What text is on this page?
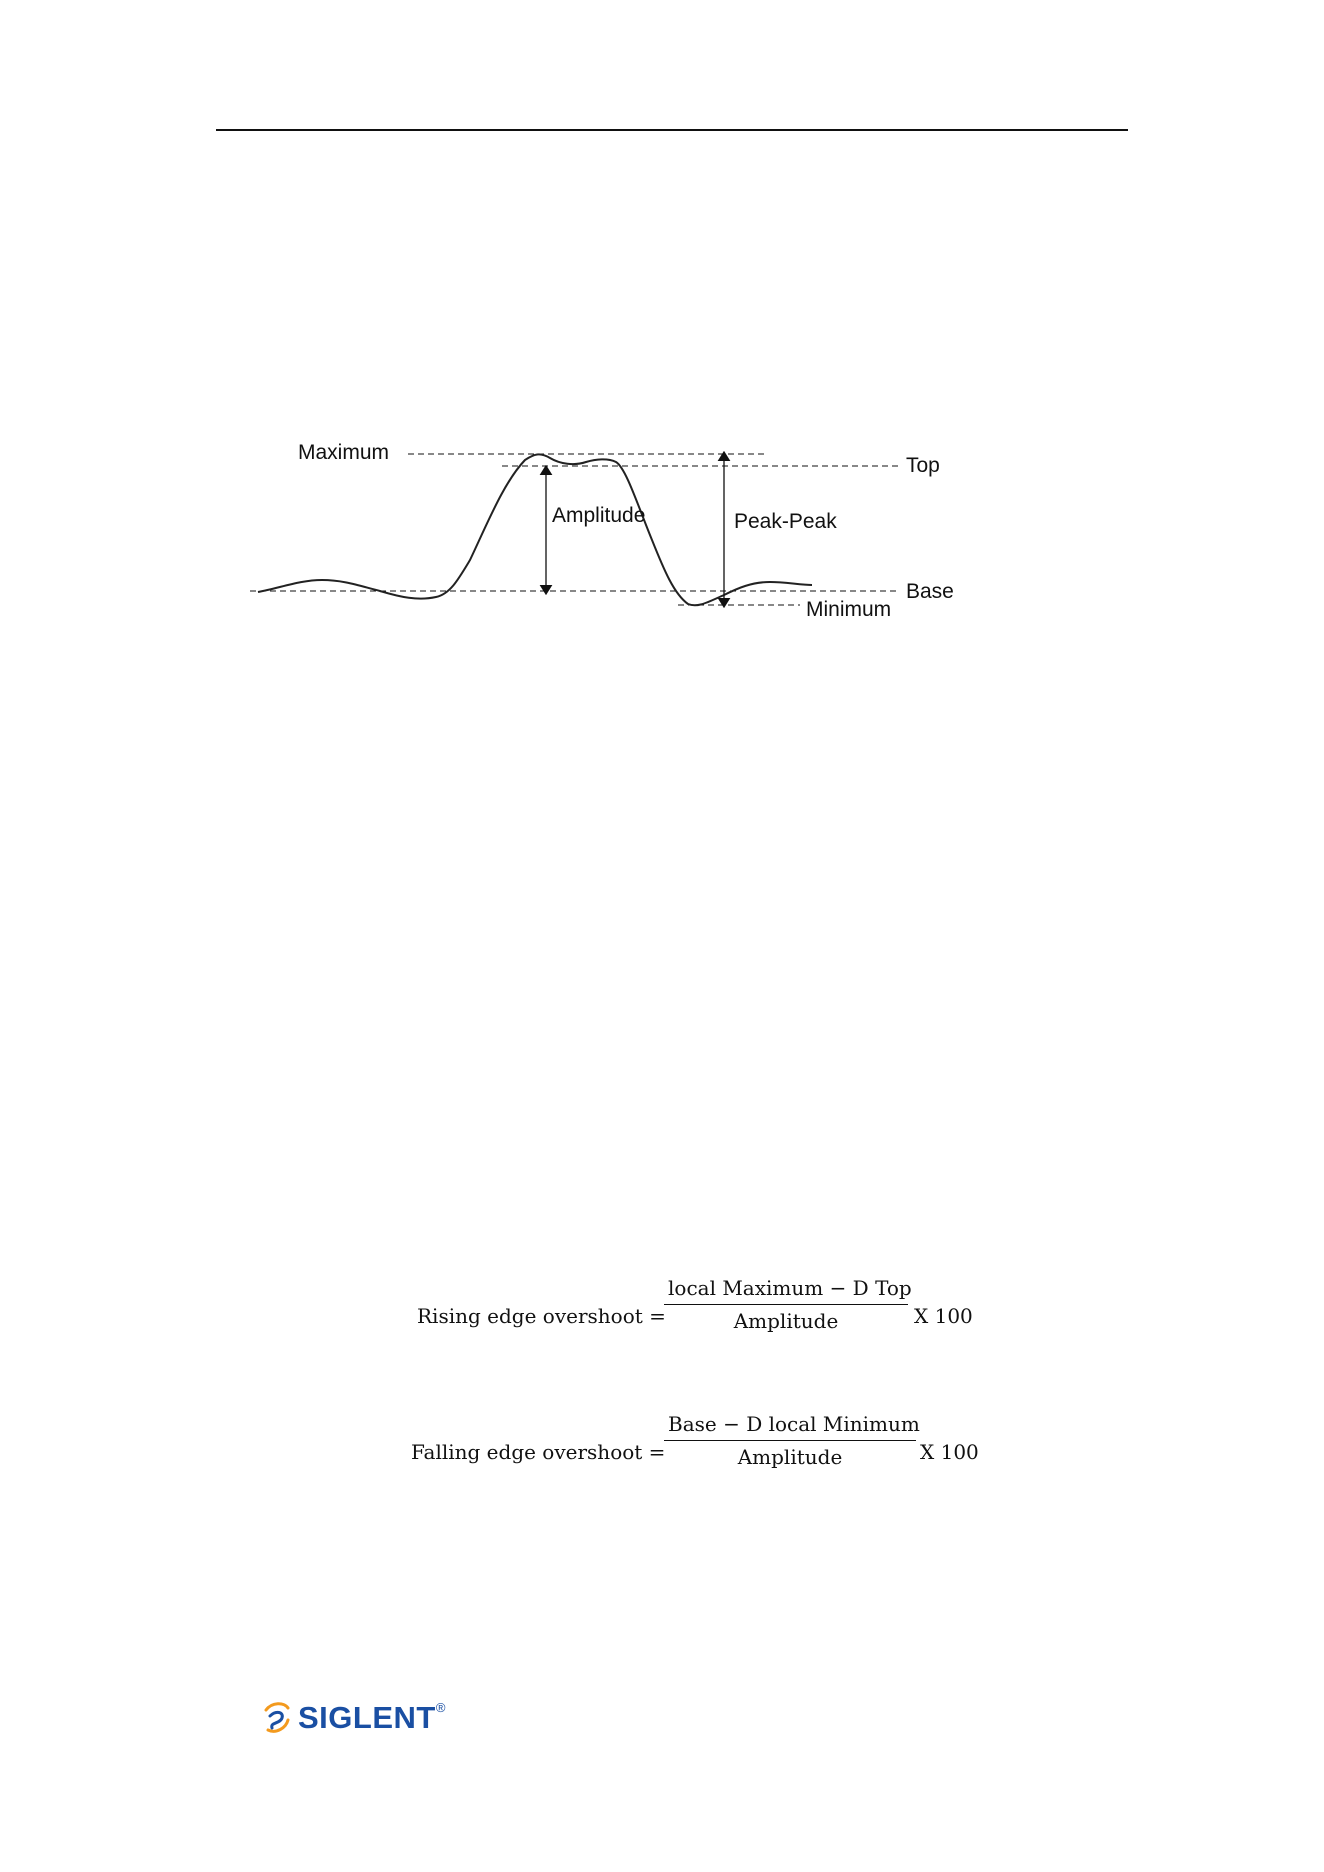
Maximum
Top
Amplitude	Peak-Peak
Base
Minimum
Rising edge overshoot =
local Maximum − D Top
Amplitude	X 100
Falling edge overshoot =
Base − D local Minimum
Amplitude	X 100
SIGLENT®
